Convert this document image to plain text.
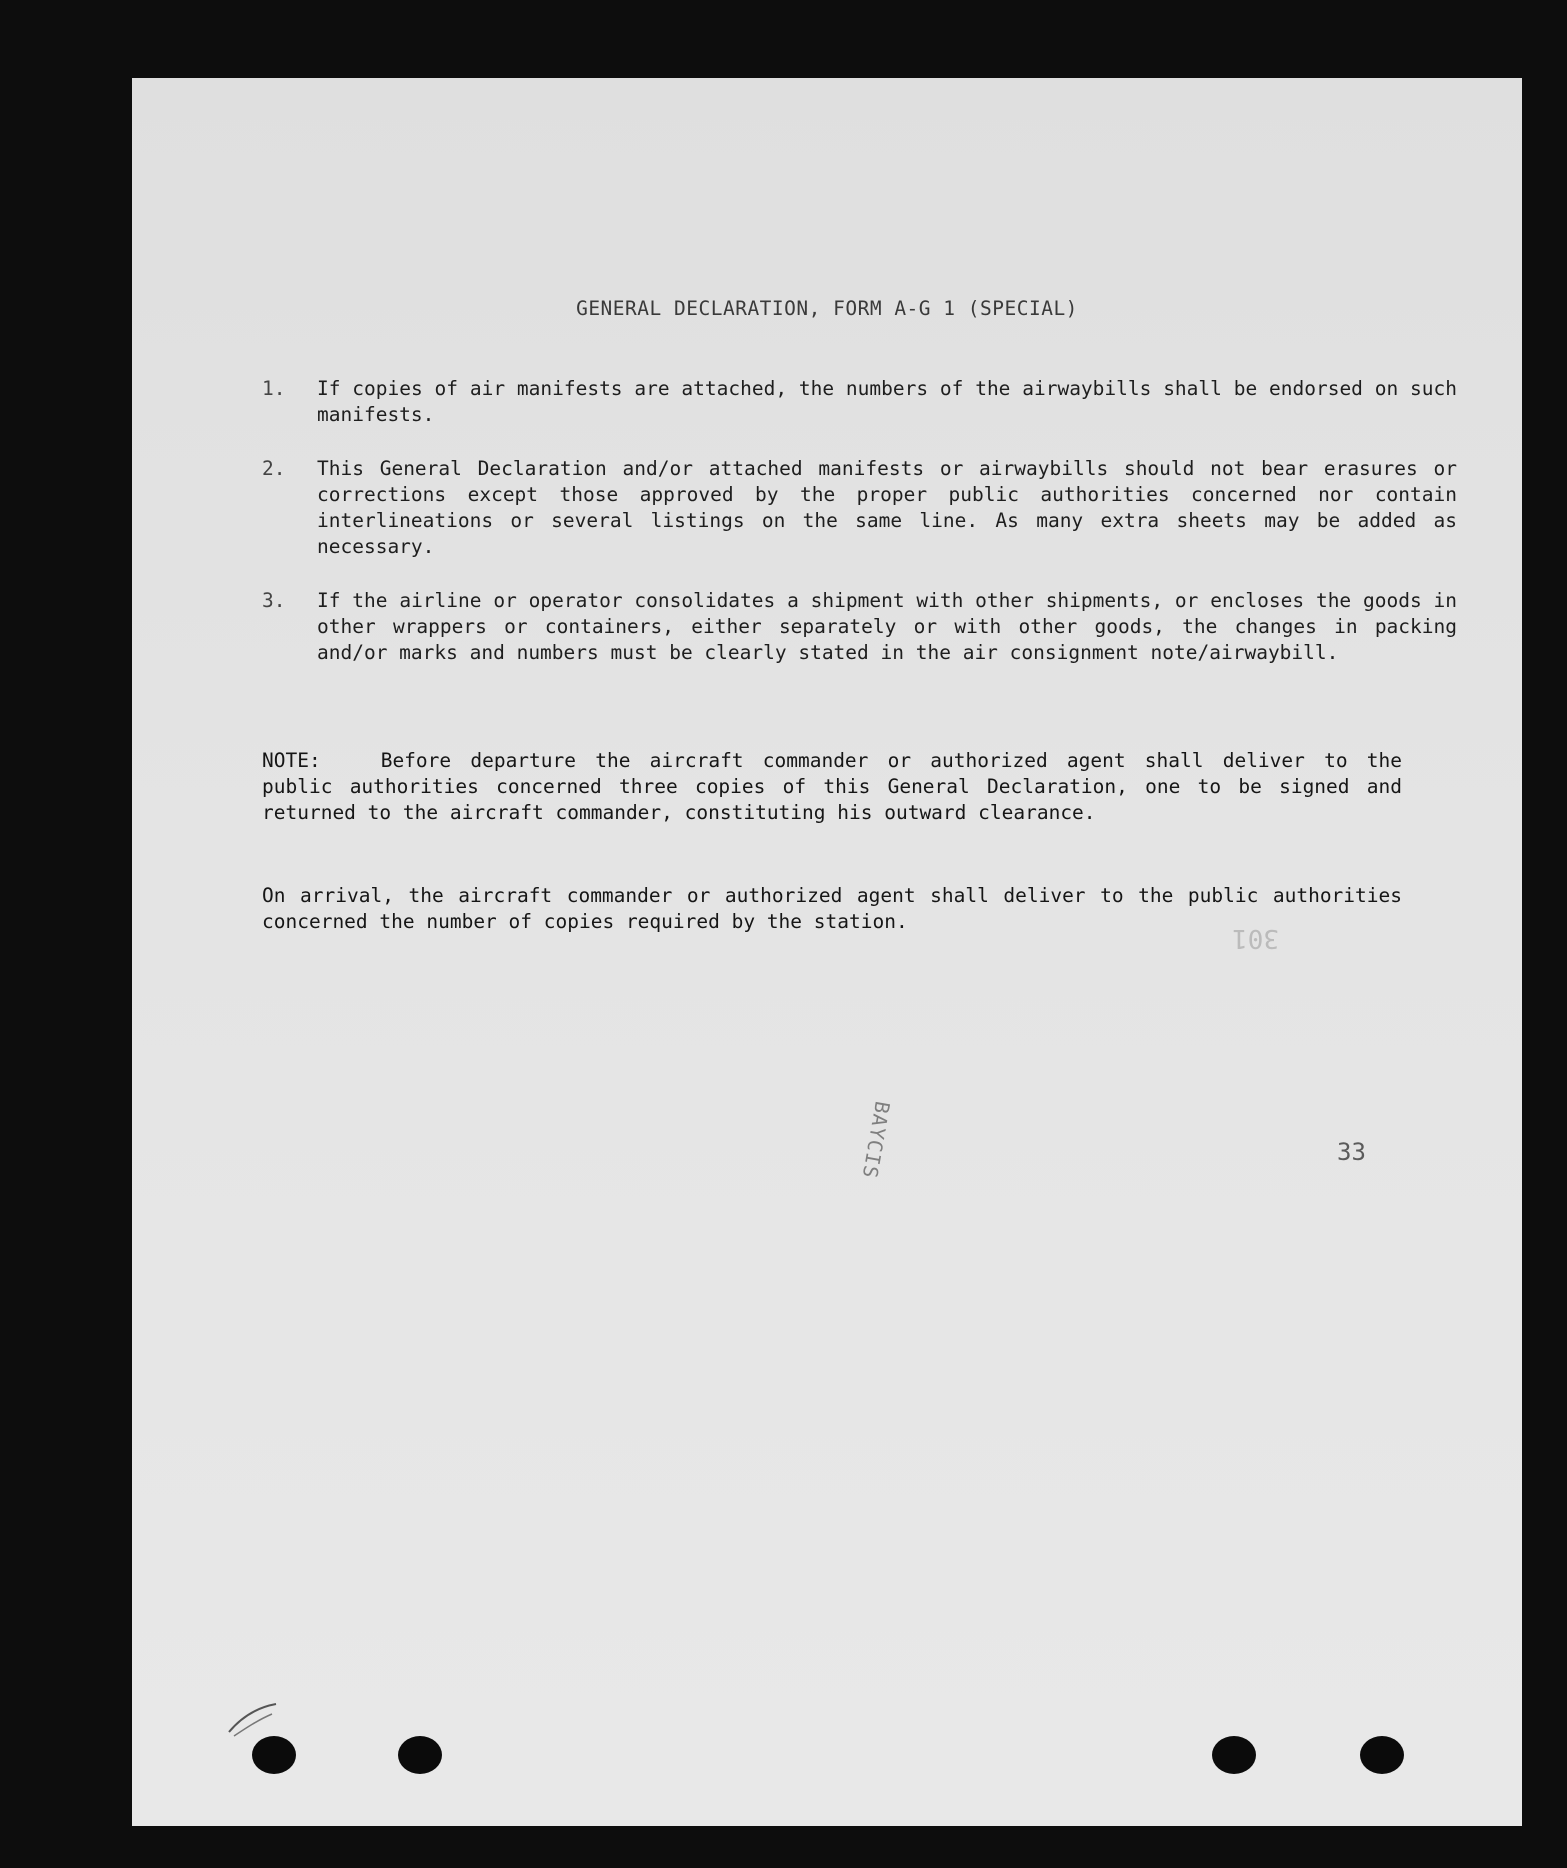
GENERAL DECLARATION, FORM A-G 1 (SPECIAL)
1.	If copies of air manifests are attached, the numbers of the airwaybills shall be endorsed on such manifests.
2.	This General Declaration and/or attached manifests or airwaybills should not bear erasures or corrections except those approved by the proper public authorities concerned nor contain interlineations or several listings on the same line. As many extra sheets may be added as necessary.
3.	If the airline or operator consolidates a shipment with other shipments, or encloses the goods in other wrappers or containers, either separately or with other goods, the changes in packing and/or marks and numbers must be clearly stated in the air consignment note/airwaybill.
NOTE:	Before departure the aircraft commander or authorized agent shall deliver to the public authorities concerned three copies of this General Declaration, one to be signed and returned to the aircraft commander, constituting his outward clearance.
On arrival, the aircraft commander or authorized agent shall deliver to the public authorities concerned the number of copies required by the station.
301
BAYCIS	33
